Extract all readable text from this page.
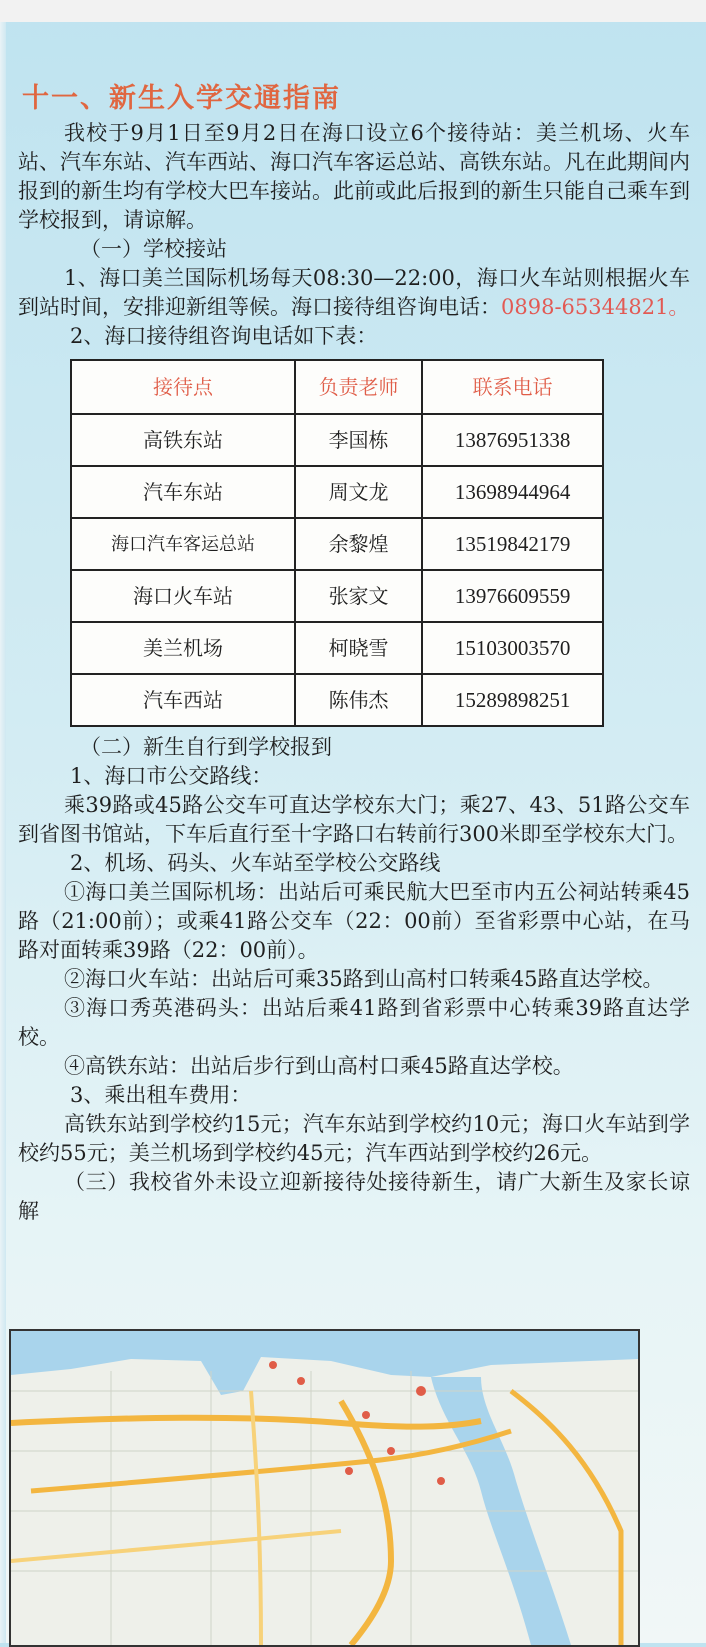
十一、新生入学交通指南

我校于9月1日至9月2日在海口设立6个接待站：美兰机场、火车站、汽车东站、汽车西站、海口汽车客运总站、高铁东站。凡在此期间内报到的新生均有学校大巴车接站。此前或此后报到的新生只能自己乘车到学校报到，请谅解。

（一）学校接站

1、海口美兰国际机场每天08:30—22:00，海口火车站则根据火车到站时间，安排迎新组等候。海口接待组咨询电话：0898-65344821。

2、海口接待组咨询电话如下表：

接待点	负责老师	联系电话
高铁东站	李国栋	13876951338
汽车东站	周文龙	13698944964
海口汽车客运总站	余黎煌	13519842179
海口火车站	张家文	13976609559
美兰机场	柯晓雪	15103003570
汽车西站	陈伟杰	15289898251

（二）新生自行到学校报到

1、海口市公交路线：

乘39路或45路公交车可直达学校东大门；乘27、43、51路公交车到省图书馆站，下车后直行至十字路口右转前行300米即至学校东大门。

2、机场、码头、火车站至学校公交路线

①海口美兰国际机场：出站后可乘民航大巴至市内五公祠站转乘45路（21:00前）；或乘41路公交车（22：00前）至省彩票中心站，在马路对面转乘39路（22：00前）。

②海口火车站：出站后可乘35路到山高村口转乘45路直达学校。

③海口秀英港码头：出站后乘41路到省彩票中心转乘39路直达学校。

④高铁东站：出站后步行到山高村口乘45路直达学校。

3、乘出租车费用：

高铁东站到学校约15元；汽车东站到学校约10元；海口火车站到学校约55元；美兰机场到学校约45元；汽车西站到学校约26元。

（三）我校省外未设立迎新接待处接待新生，请广大新生及家长谅解
